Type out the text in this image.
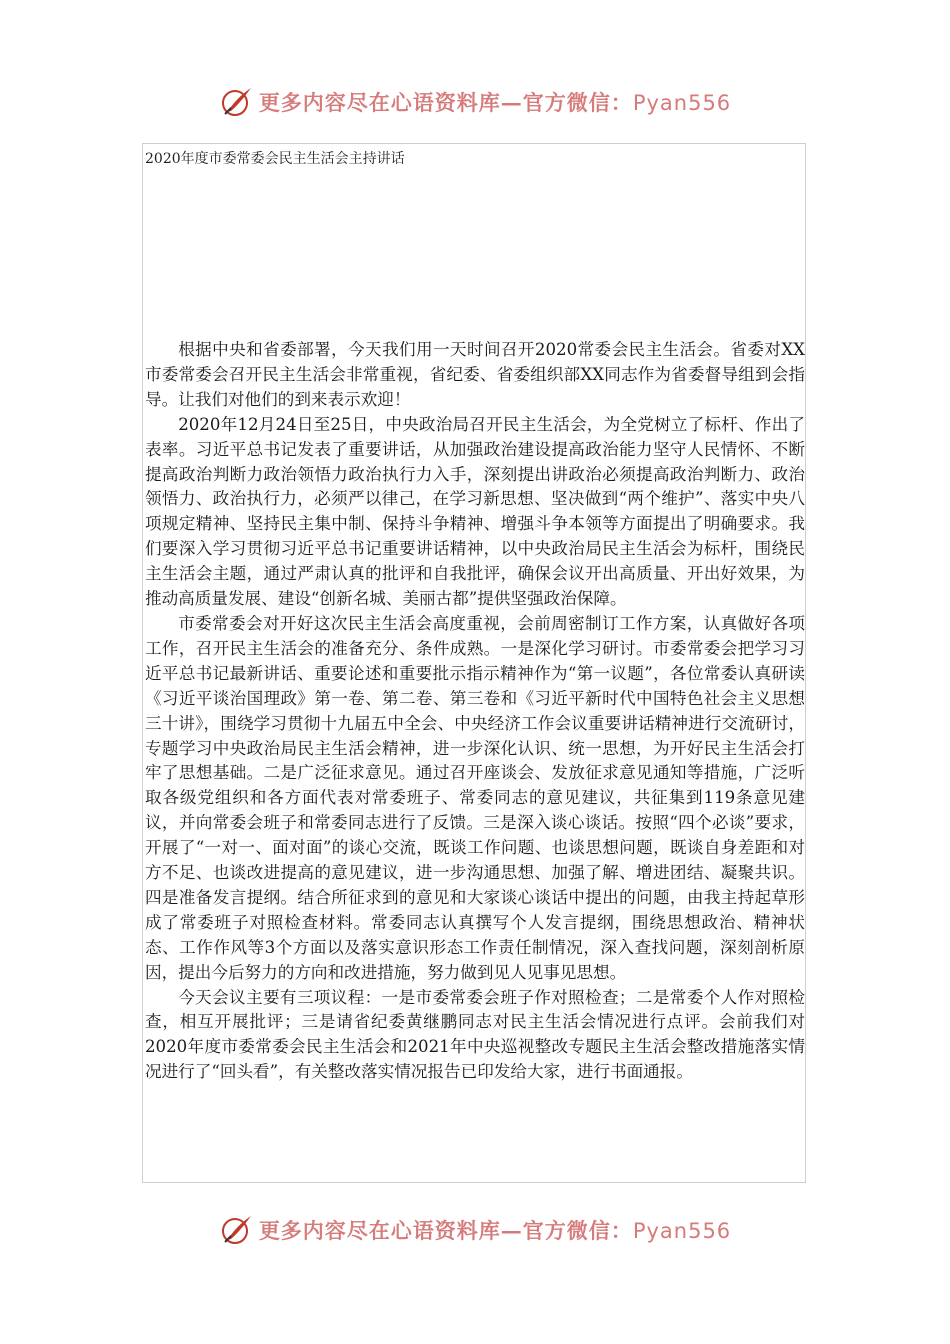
更多内容尽在心语资料库—官方微信：Pyan556
2020年度市委常委会民主生活会主持讲话

根据中央和省委部署，今天我们用一天时间召开2020常委会民主生活会。省委对XX市委常委会召开民主生活会非常重视，省纪委、省委组织部XX同志作为省委督导组到会指导。让我们对他们的到来表示欢迎！

2020年12月24日至25日，中央政治局召开民主生活会，为全党树立了标杆、作出了表率。习近平总书记发表了重要讲话，从加强政治建设提高政治能力坚守人民情怀、不断提高政治判断力政治领悟力政治执行力入手，深刻提出讲政治必须提高政治判断力、政治领悟力、政治执行力，必须严以律己，在学习新思想、坚决做到“两个维护”、落实中央八项规定精神、坚持民主集中制、保持斗争精神、增强斗争本领等方面提出了明确要求。我们要深入学习贯彻习近平总书记重要讲话精神，以中央政治局民主生活会为标杆，围绕民主生活会主题，通过严肃认真的批评和自我批评，确保会议开出高质量、开出好效果，为推动高质量发展、建设“创新名城、美丽古都”提供坚强政治保障。

市委常委会对开好这次民主生活会高度重视，会前周密制订工作方案，认真做好各项工作，召开民主生活会的准备充分、条件成熟。一是深化学习研讨。市委常委会把学习习近平总书记最新讲话、重要论述和重要批示指示精神作为“第一议题”，各位常委认真研读《习近平谈治国理政》第一卷、第二卷、第三卷和《习近平新时代中国特色社会主义思想三十讲》，围绕学习贯彻十九届五中全会、中央经济工作会议重要讲话精神进行交流研讨，专题学习中央政治局民主生活会精神，进一步深化认识、统一思想，为开好民主生活会打牢了思想基础。二是广泛征求意见。通过召开座谈会、发放征求意见通知等措施，广泛听取各级党组织和各方面代表对常委班子、常委同志的意见建议，共征集到119条意见建议，并向常委会班子和常委同志进行了反馈。三是深入谈心谈话。按照“四个必谈”要求，开展了“一对一、面对面”的谈心交流，既谈工作问题、也谈思想问题，既谈自身差距和对方不足、也谈改进提高的意见建议，进一步沟通思想、加强了解、增进团结、凝聚共识。四是准备发言提纲。结合所征求到的意见和大家谈心谈话中提出的问题，由我主持起草形成了常委班子对照检查材料。常委同志认真撰写个人发言提纲，围绕思想政治、精神状态、工作作风等3个方面以及落实意识形态工作责任制情况，深入查找问题，深刻剖析原因，提出今后努力的方向和改进措施，努力做到见人见事见思想。

今天会议主要有三项议程：一是市委常委会班子作对照检查；二是常委个人作对照检查，相互开展批评；三是请省纪委黄继鹏同志对民主生活会情况进行点评。会前我们对2020年度市委常委会民主生活会和2021年中央巡视整改专题民主生活会整改措施落实情况进行了“回头看”，有关整改落实情况报告已印发给大家，进行书面通报。

更多内容尽在心语资料库—官方微信：Pyan556
